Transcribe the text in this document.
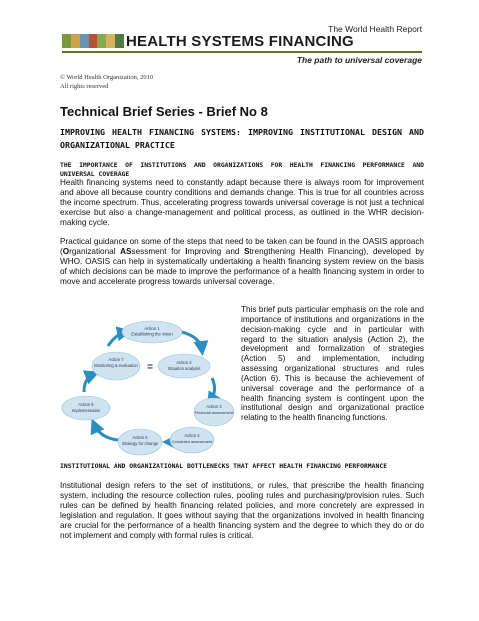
The World Health Report
HEALTH SYSTEMS FINANCING
The path to universal coverage
© World Health Organization, 2010
All rights reserved
Technical Brief Series - Brief No 8
IMPROVING HEALTH FINANCING SYSTEMS: IMPROVING INSTITUTIONAL DESIGN AND ORGANIZATIONAL PRACTICE
THE IMPORTANCE OF INSTITUTIONS AND ORGANIZATIONS FOR HEALTH FINANCING PERFORMANCE AND UNIVERSAL COVERAGE
Health financing systems need to constantly adapt because there is always room for improvement and above all because country conditions and demands change. This is true for all countries across the income spectrum. Thus, accelerating progress towards universal coverage is not just a technical exercise but also a change-management and political process, as outlined in the WHR decision-making cycle.
Practical guidance on some of the steps that need to be taken can be found in the OASIS approach (Organizational ASsessment for Improving and Strengthening Health Financing), developed by WHO. OASIS can help in systematically undertaking a health financing system review on the basis of which decisions can be made to improve the performance of a health financing system in order to move and accelerate progress towards universal coverage.
Action 1
Establishing the vision
Action 7
Monitoring & evaluation
Action 2
Situation analysis
=
Action 6
Implementation
Action 3
Financial assessment
Action 5
Strategy for change
Action 4
Constraint assessment
This brief puts particular emphasis on the role and importance of institutions and organizations in the decision-making cycle and in particular with regard to the situation analysis (Action 2), the development and formalization of strategies (Action 5) and implementation, including assessing organizational structures and rules (Action 6). This is because the achievement of universal coverage and the performance of a health financing system is contingent upon the institutional design and organizational practice relating to the health financing functions.
INSTITUTIONAL AND ORGANIZATIONAL BOTTLENECKS THAT AFFECT HEALTH FINANCING PERFORMANCE
Institutional design refers to the set of institutions, or rules, that prescribe the health financing system, including the resource collection rules, pooling rules and purchasing/provision rules. Such rules can be defined by health financing related policies, and more concretely are expressed in legislation and regulation. It goes without saying that the organizations involved in health financing are crucial for the performance of a health financing system and the degree to which they do or do not implement and comply with formal rules is critical.
